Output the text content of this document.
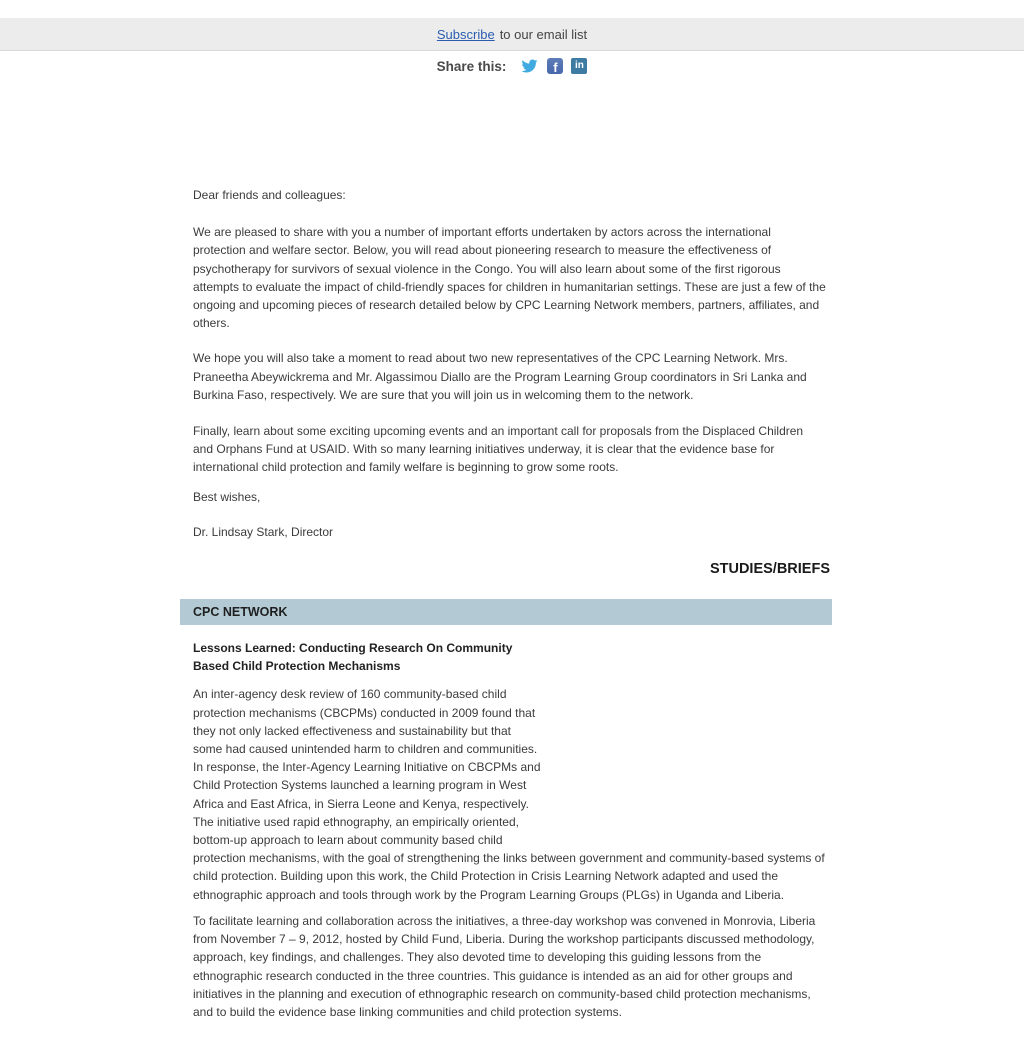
Subscribe to our email list
Share this:	f	in

Dear friends and colleagues:

We are pleased to share with you a number of important efforts undertaken by actors across the international protection and welfare sector. Below, you will read about pioneering research to measure the effectiveness of psychotherapy for survivors of sexual violence in the Congo. You will also learn about some of the first rigorous attempts to evaluate the impact of child-friendly spaces for children in humanitarian settings. These are just a few of the ongoing and upcoming pieces of research detailed below by CPC Learning Network members, partners, affiliates, and others.

We hope you will also take a moment to read about two new representatives of the CPC Learning Network. Mrs. Praneetha Abeywickrema and Mr. Algassimou Diallo are the Program Learning Group coordinators in Sri Lanka and Burkina Faso, respectively. We are sure that you will join us in welcoming them to the network.

Finally, learn about some exciting upcoming events and an important call for proposals from the Displaced Children and Orphans Fund at USAID. With so many learning initiatives underway, it is clear that the evidence base for international child protection and family welfare is beginning to grow some roots.

Best wishes,

Dr. Lindsay Stark, Director

STUDIES/BRIEFS
CPC NETWORK

Lessons Learned: Conducting Research On Community Based Child Protection Mechanisms

An inter-agency desk review of 160 community-based child protection mechanisms (CBCPMs) conducted in 2009 found that they not only lacked effectiveness and sustainability but that some had caused unintended harm to children and communities. In response, the Inter-Agency Learning Initiative on CBCPMs and Child Protection Systems launched a learning program in West Africa and East Africa, in Sierra Leone and Kenya, respectively. The initiative used rapid ethnography, an empirically oriented, bottom-up approach to learn about community based child protection mechanisms, with the goal of strengthening the links between government and community-based systems of child protection. Building upon this work, the Child Protection in Crisis Learning Network adapted and used the ethnographic approach and tools through work by the Program Learning Groups (PLGs) in Uganda and Liberia.

To facilitate learning and collaboration across the initiatives, a three-day workshop was convened in Monrovia, Liberia from November 7 – 9, 2012, hosted by Child Fund, Liberia. During the workshop participants discussed methodology, approach, key findings, and challenges. They also devoted time to developing this guiding lessons from the ethnographic research conducted in the three countries. This guidance is intended as an aid for other groups and initiatives in the planning and execution of ethnographic research on community-based child protection mechanisms, and to build the evidence base linking communities and child protection systems.
